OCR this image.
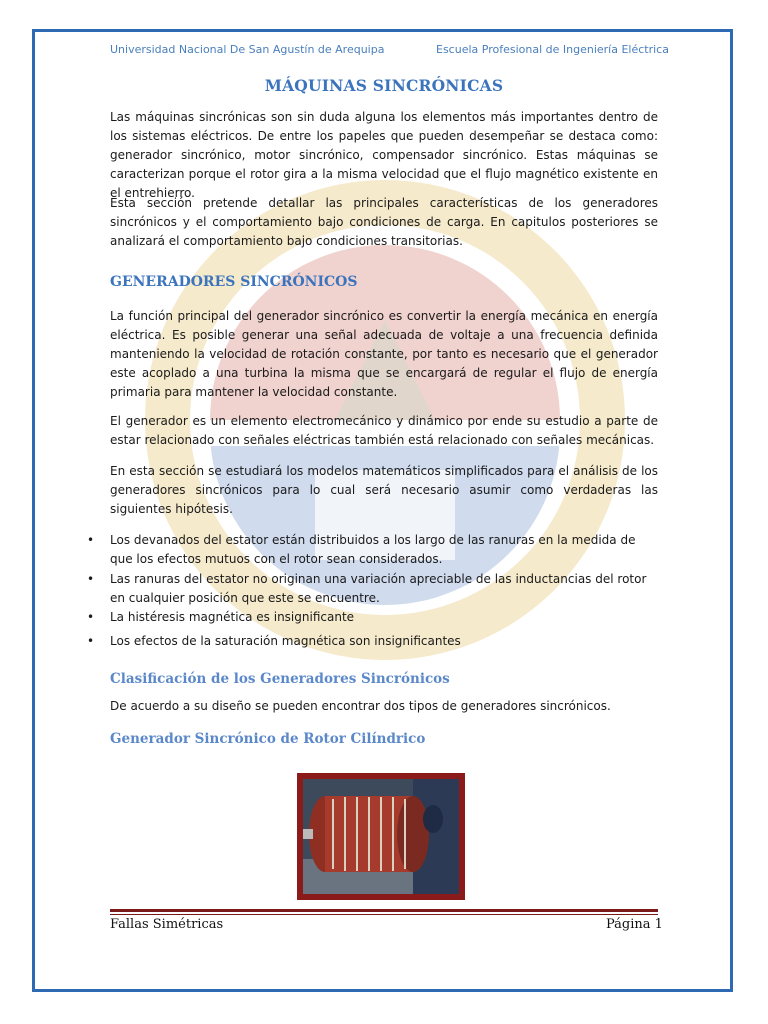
Universidad Nacional De San Agustín de Arequipa	Escuela Profesional de Ingeniería Eléctrica
MÁQUINAS SINCRÓNICAS

Las máquinas sincrónicas son sin duda alguna los elementos más importantes dentro de los sistemas eléctricos. De entre los papeles que pueden desempeñar se destaca como: generador sincrónico, motor sincrónico, compensador sincrónico. Estas máquinas se caracterizan porque el rotor gira a la misma velocidad que el flujo magnético existente en el entrehierro.

Esta sección pretende detallar las principales características de los generadores sincrónicos y el comportamiento bajo condiciones de carga. En capitulos posteriores se analizará el comportamiento bajo condiciones transitorias.

GENERADORES SINCRÓNICOS

La función principal del generador sincrónico es convertir la energía mecánica en energía eléctrica. Es posible generar una señal adecuada de voltaje a una frecuencia definida manteniendo la velocidad de rotación constante, por tanto es necesario que el generador este acoplado a una turbina la misma que se encargará de regular el flujo de energía primaria para mantener la velocidad constante.

El generador es un elemento electromecánico y dinámico por ende su estudio a parte de estar relacionado con señales eléctricas también está relacionado con señales mecánicas.

En esta sección se estudiará los modelos matemáticos simplificados para el análisis de los generadores sincrónicos para lo cual será necesario asumir como verdaderas las siguientes hipótesis.

• Los devanados del estator están distribuidos a los largo de las ranuras en la medida de que los efectos mutuos con el rotor sean considerados.
• Las ranuras del estator no originan una variación apreciable de las inductancias del rotor en cualquier posición que este se encuentre.
• La histéresis magnética es insignificante
• Los efectos de la saturación magnética son insignificantes
Clasificación de los Generadores Sincrónicos

De acuerdo a su diseño se pueden encontrar dos tipos de generadores sincrónicos.

Generador Sincrónico de Rotor Cilíndrico
Fallas Simétricas	Página 1
